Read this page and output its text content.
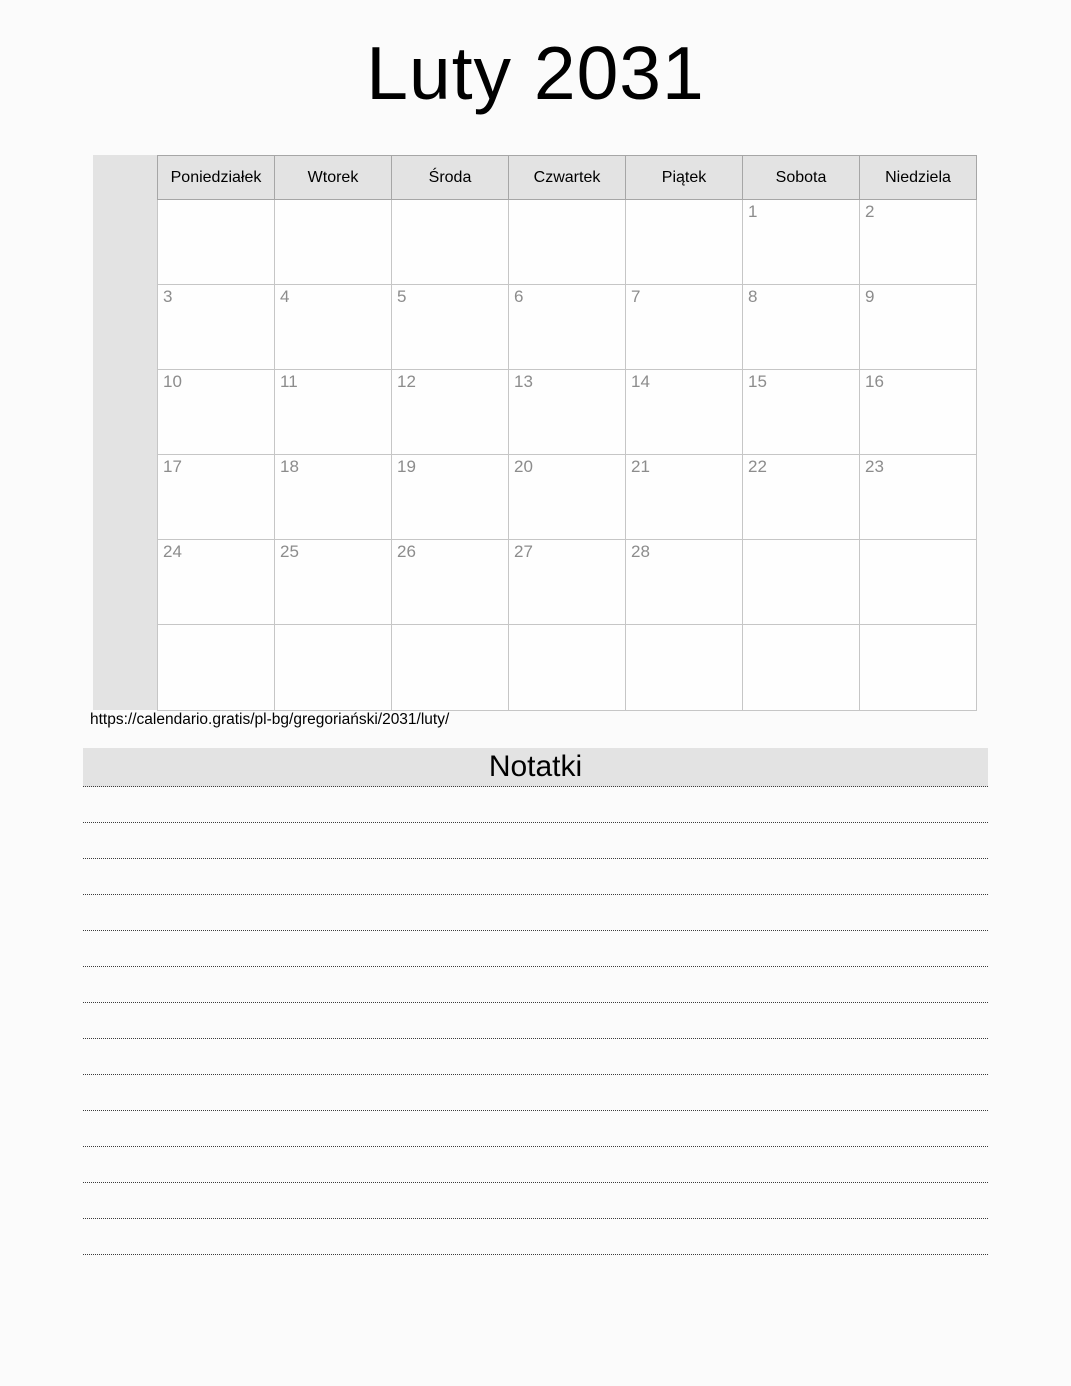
Luty 2031
Poniedziałek	Wtorek	Środa	Czwartek	Piątek	Sobota	Niedziela
					1	2
3	4	5	6	7	8	9
10	11	12	13	14	15	16
17	18	19	20	21	22	23
24	25	26	27	28		

https://calendario.gratis/pl-bg/gregoriański/2031/luty/
Notatki
